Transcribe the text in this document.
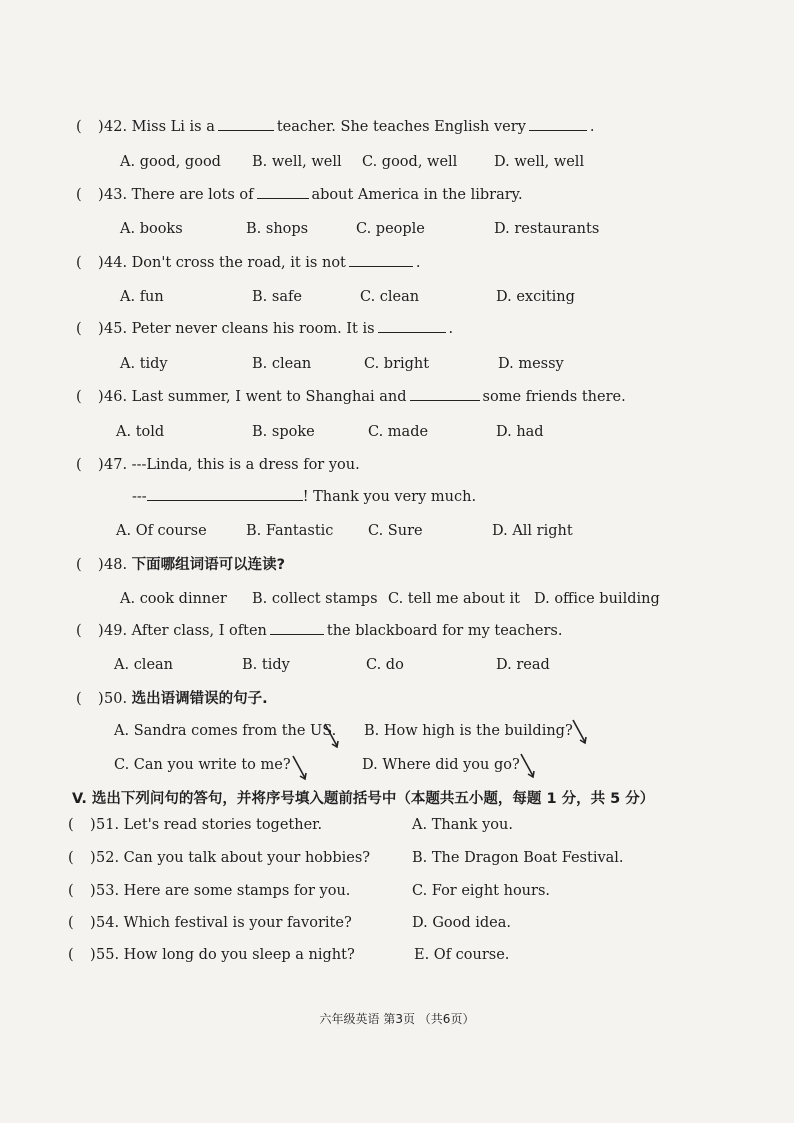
( ) 42. Miss Li is a	teacher. She teaches English very	.
A. good, good B. well, well C. good, well	D. well, well
( ) 43. There are lots of	about America in the library.
A. books	B. shops	C. people	D. restaurants
( ) 44. Don't cross the road, it is not	.
A. fun	B. safe	C. clean	D. exciting
( ) 45. Peter never cleans his room. It is	.
A. tidy	B. clean	C. bright	D. messy
( ) 46. Last summer, I went to Shanghai and	some friends there.
A. told	B. spoke	C. made	D. had
( ) 47. ---Linda, this is a dress for you.
---	! Thank you very much.
A. Of course	B. Fantastic C. Sure	D. All right
( ) 48. 下面哪组词语可以连读?
A. cook dinner B. collect stamps C. tell me about it D. office building
( ) 49. After class, I often	the blackboard for my teachers.
A. clean	B. tidy	C. do	D. read
( ) 50. 选出语调错误的句子.
A. Sandra comes from the US. B. How high is the building?
C. Can you write to me?	D. Where did you go?
V. 选出下列问句的答句，并将序号填入题前括号中（本题共五小题，每题 1 分，共 5 分）
( ) 51. Let's read stories together.	A. Thank you.
( ) 52. Can you talk about your hobbies?	B. The Dragon Boat Festival.
( ) 53. Here are some stamps for you.	C. For eight hours.
( ) 54. Which festival is your favorite?	D. Good idea.
( ) 55. How long do you sleep a night?	E. Of course.
六年级英语 第3页 （共6页）
